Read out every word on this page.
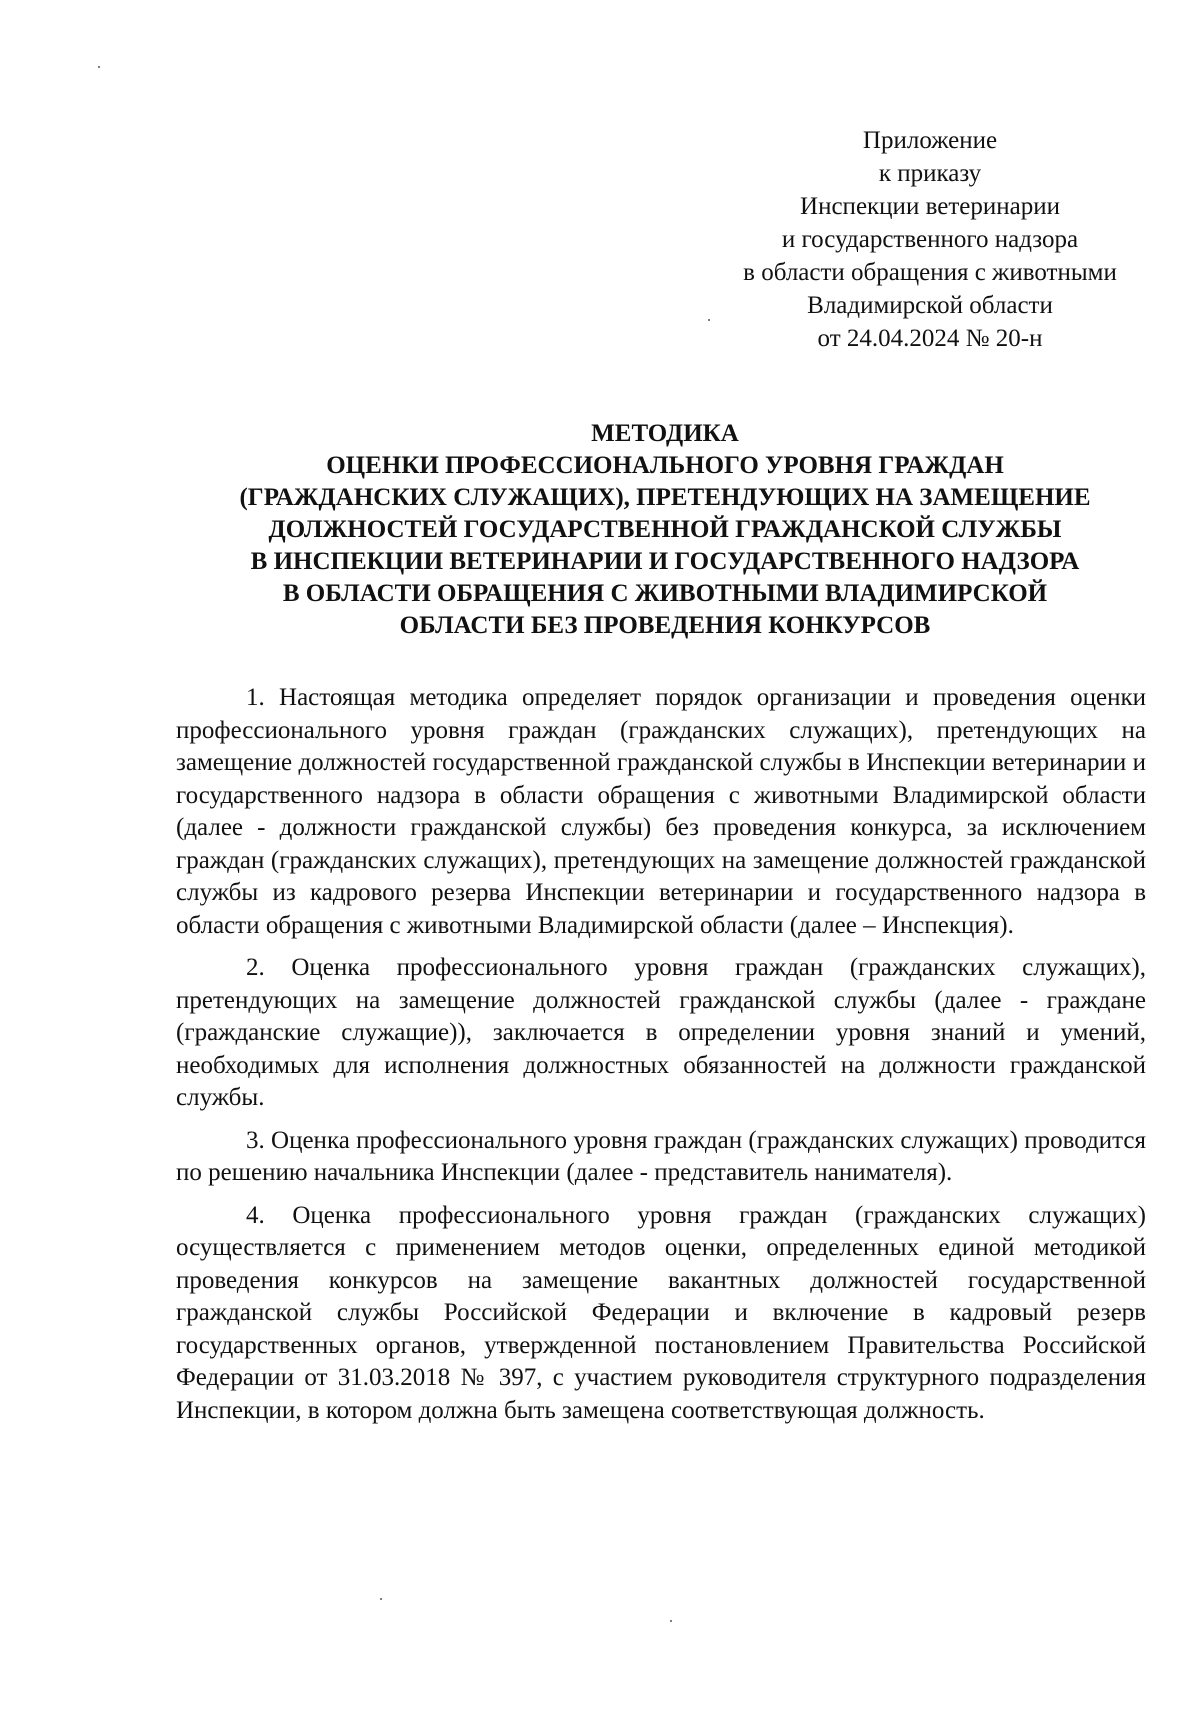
Приложение
к приказу
Инспекции ветеринарии
и государственного надзора
в области обращения с животными
Владимирской области
от 24.04.2024 № 20-н
МЕТОДИКА
ОЦЕНКИ ПРОФЕССИОНАЛЬНОГО УРОВНЯ ГРАЖДАН
(ГРАЖДАНСКИХ СЛУЖАЩИХ), ПРЕТЕНДУЮЩИХ НА ЗАМЕЩЕНИЕ
ДОЛЖНОСТЕЙ ГОСУДАРСТВЕННОЙ ГРАЖДАНСКОЙ СЛУЖБЫ
В ИНСПЕКЦИИ ВЕТЕРИНАРИИ И ГОСУДАРСТВЕННОГО НАДЗОРА
В ОБЛАСТИ ОБРАЩЕНИЯ С ЖИВОТНЫМИ ВЛАДИМИРСКОЙ
ОБЛАСТИ БЕЗ ПРОВЕДЕНИЯ КОНКУРСОВ

1. Настоящая методика определяет порядок организации и проведения оценки профессионального уровня граждан (гражданских служащих), претендующих на замещение должностей государственной гражданской службы в Инспекции ветеринарии и государственного надзора в области обращения с животными Владимирской области (далее - должности гражданской службы) без проведения конкурса, за исключением граждан (гражданских служащих), претендующих на замещение должностей гражданской службы из кадрового резерва Инспекции ветеринарии и государственного надзора в области обращения с животными Владимирской области (далее – Инспекция).

2. Оценка профессионального уровня граждан (гражданских служащих), претендующих на замещение должностей гражданской службы (далее - граждане (гражданские служащие)), заключается в определении уровня знаний и умений, необходимых для исполнения должностных обязанностей на должности гражданской службы.

3. Оценка профессионального уровня граждан (гражданских служащих) проводится по решению начальника Инспекции (далее - представитель нанимателя).

4. Оценка профессионального уровня граждан (гражданских служащих) осуществляется с применением методов оценки, определенных единой методикой проведения конкурсов на замещение вакантных должностей государственной гражданской службы Российской Федерации и включение в кадровый резерв государственных органов, утвержденной постановлением Правительства Российской Федерации от 31.03.2018 № 397, с участием руководителя структурного подразделения Инспекции, в котором должна быть замещена соответствующая должность.
